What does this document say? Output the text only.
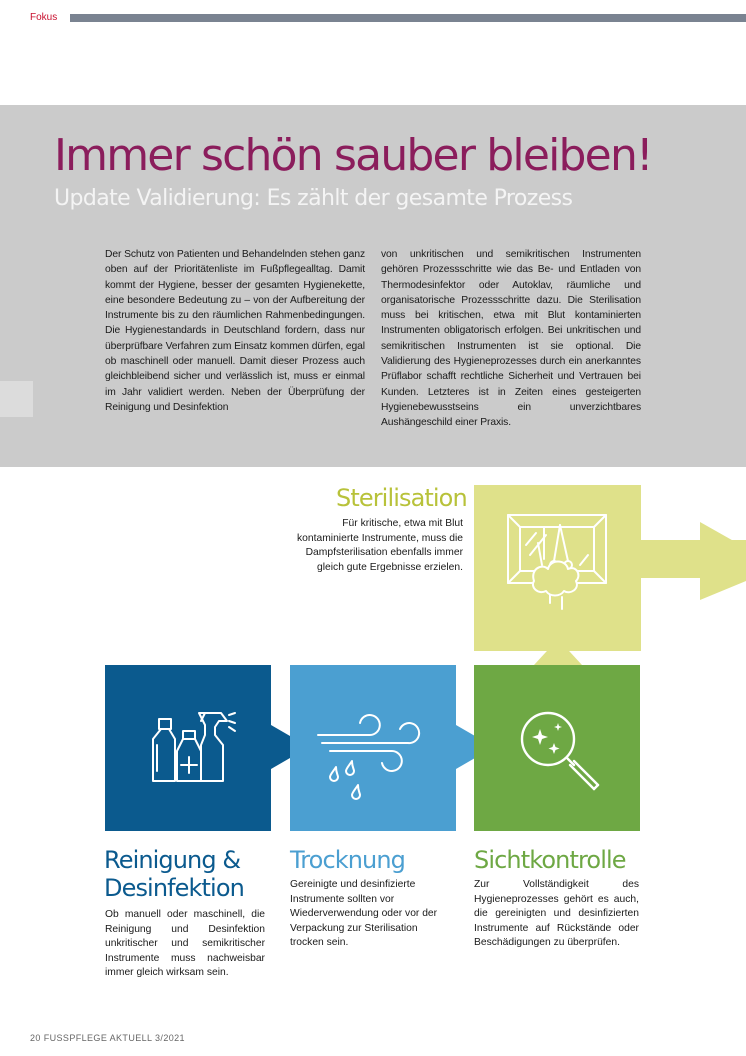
Fokus
Immer schön sauber bleiben!
Update Validierung: Es zählt der gesamte Prozess

Der Schutz von Patienten und Behandelnden stehen ganz oben auf der Prioritätenliste im Fußpflegealltag. Damit kommt der Hygiene, besser der gesamten Hygienekette, eine besondere Bedeutung zu – von der Aufbereitung der Instrumente bis zu den räumlichen Rahmenbedingungen. Die Hygienestandards in Deutschland fordern, dass nur überprüfbare Verfahren zum Einsatz kommen dürfen, egal ob maschinell oder manuell. Damit dieser Prozess auch gleichbleibend sicher und verlässlich ist, muss er einmal im Jahr validiert werden. Neben der Überprüfung der Reinigung und Desinfektion

von unkritischen und semikritischen Instrumenten gehören Prozessschritte wie das Be- und Entladen von Thermodesinfektor oder Autoklav, räumliche und organisatorische Prozessschritte dazu. Die Sterilisation muss bei kritischen, etwa mit Blut kontaminierten Instrumenten obligatorisch erfolgen. Bei unkritischen und semikritischen Instrumenten ist sie optional. Die Validierung des Hygieneprozesses durch ein anerkanntes Prüflabor schafft rechtliche Sicherheit und Vertrauen bei Kunden. Letzteres ist in Zeiten eines gesteigerten Hygienebewusstseins ein unverzichtbares Aushängeschild einer Praxis.

Sterilisation

Für kritische, etwa mit Blut kontaminierte Instrumente, muss die Dampfsterilisation ebenfalls immer gleich gute Ergebnisse erzielen.

Reinigung & Desinfektion

Ob manuell oder maschinell, die Reinigung und Desinfektion unkritischer und semikritischer Instrumente muss nachweisbar immer gleich wirksam sein.

Trocknung

Gereinigte und desinfizierte Instrumente sollten vor Wiederverwendung oder vor der Verpackung zur Sterilisation trocken sein.

Sichtkontrolle

Zur Vollständigkeit des Hygieneprozesses gehört es auch, die gereinigten und desinfizierten Instrumente auf Rückstände oder Beschädigungen zu überprüfen.

20 FUSSPFLEGE AKTUELL 3/2021
